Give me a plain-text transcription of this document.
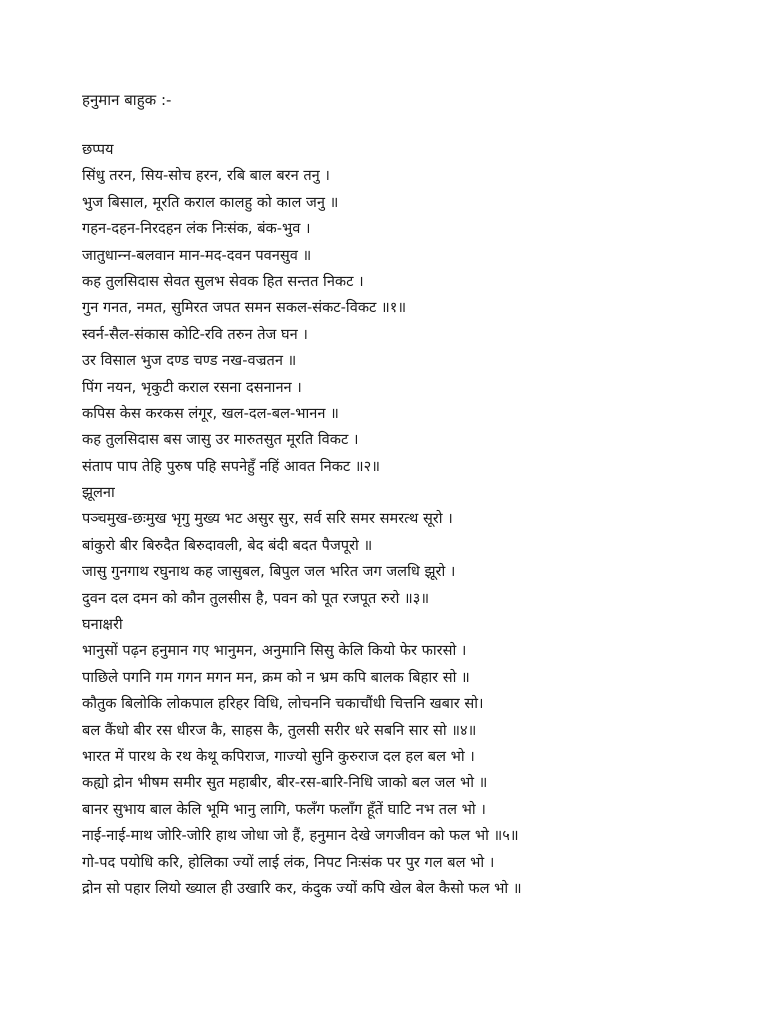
हनुमान बाहुक :-
छप्पय
सिंधु तरन, सिय-सोच हरन, रबि बाल बरन तनु ।
भुज बिसाल, मूरति कराल कालहु को काल जनु ॥
गहन-दहन-निरदहन लंक निःसंक, बंक-भुव ।
जातुधान्‍न-बलवान मान-मद-दवन पवनसुव ॥
कह तुलसिदास सेवत सुलभ सेवक हित सन्तत निकट ।
गुन गनत, नमत, सुमिरत जपत समन सकल-संकट-विकट ॥१॥
स्वर्न-सैल-संकास कोटि-रवि तरुन तेज घन ।
उर विसाल भुज दण्ड चण्ड नख-वज्रतन ॥
पिंग नयन, भृकुटी कराल रसना दसनानन ।
कपिस केस करकस लंगूर, खल-दल-बल-भानन ॥
कह तुलसिदास बस जासु उर मारुतसुत मूरति विकट ।
संताप पाप तेहि पुरुष पहि सपनेहुँ नहिं आवत निकट ॥२॥
झूलना
पञ्चमुख-छःमुख भृगु मुख्य भट असुर सुर, सर्व सरि समर समरत्थ सूरो ।
बांकुरो बीर बिरुदैत बिरुदावली, बेद बंदी बदत पैजपूरो ॥
जासु गुनगाथ रघुनाथ कह जासुबल, बिपुल जल भरित जग जलधि झूरो ।
दुवन दल दमन को कौन तुलसीस है, पवन को पूत रजपूत रुरो ॥३॥
घनाक्षरी
भानुसों पढ़न हनुमान गए भानुमन, अनुमानि सिसु केलि कियो फेर फारसो ।
पाछिले पगनि गम गगन मगन मन, क्रम को न भ्रम कपि बालक बिहार सो ॥
कौतुक बिलोकि लोकपाल हरिहर विधि, लोचननि चकाचौंधी चित्तनि खबार सो।
बल कैंधो बीर रस धीरज कै, साहस कै, तुलसी सरीर धरे सबनि सार सो ॥४॥
भारत में पारथ के रथ केथू कपिराज, गाज्यो सुनि कुरुराज दल हल बल भो ।
कह्यो द्रोन भीषम समीर सुत महाबीर, बीर-रस-बारि-निधि जाको बल जल भो ॥
बानर सुभाय बाल केलि भूमि भानु लागि, फलँग फलाँग हूँतें घाटि नभ तल भो ।
नाई-नाई-माथ जोरि-जोरि हाथ जोधा जो हैं, हनुमान देखे जगजीवन को फल भो ॥५॥
गो-पद पयोधि करि, होलिका ज्यों लाई लंक, निपट निःसंक पर पुर गल बल भो ।
द्रोन सो पहार लियो ख्याल ही उखारि कर, कंदुक ज्यों कपि खेल बेल कैसो फल भो ॥
